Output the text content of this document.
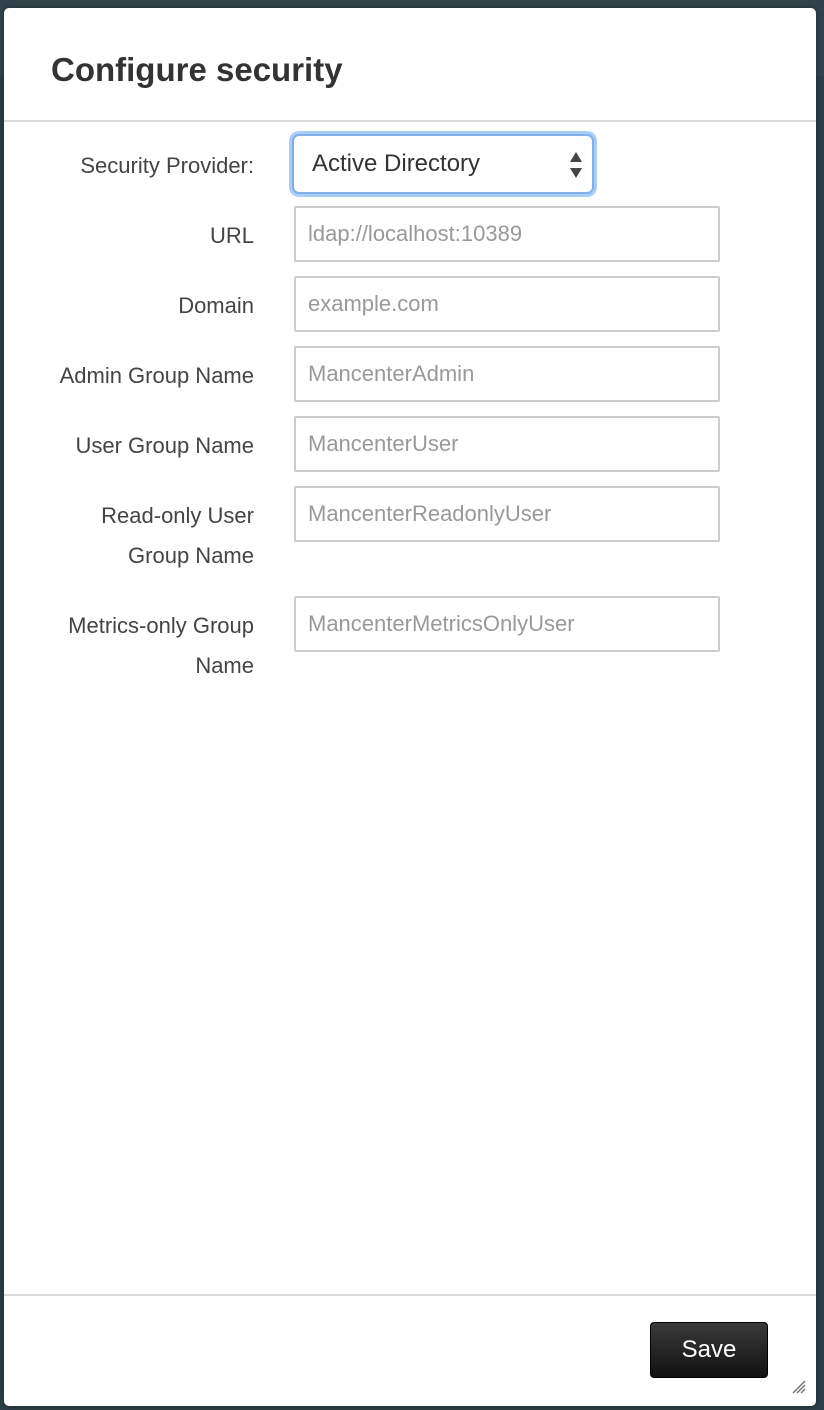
Configure security
Security Provider: Active Directory
URL
ldap://localhost:10389
Domain
example.com
Admin Group Name
MancenterAdmin
User Group Name
MancenterUser
Read-only User
Group Name
MancenterReadonlyUser
Metrics-only Group
Name
MancenterMetricsOnlyUser
Save
